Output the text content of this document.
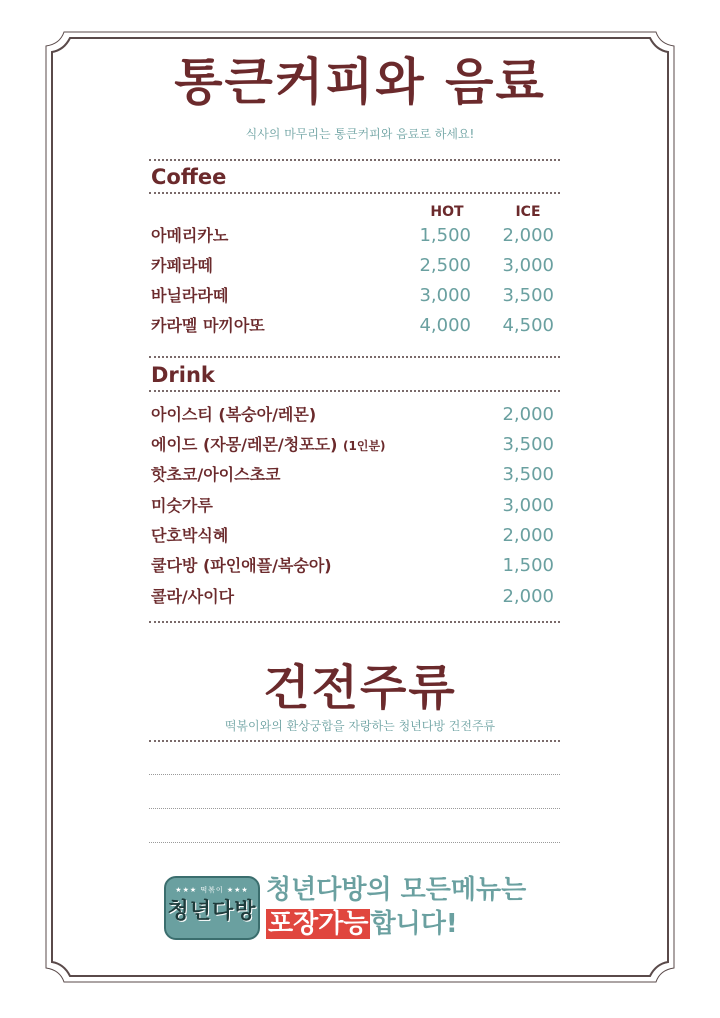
통큰커피와 음료
식사의 마무리는 통큰커피와 음료로 하세요!
Coffee
HOT	ICE
아메리카노	1,500	2,000
카페라떼	2,500	3,000
바닐라라떼	3,000	3,500
카라멜 마끼아또	4,000	4,500
Drink
아이스티 (복숭아/레몬)	2,000
에이드 (자몽/레몬/청포도) (1인분)	3,500
핫초코/아이스초코	3,500
미숫가루	3,000
단호박식혜	2,000
쿨다방 (파인애플/복숭아)	1,500
콜라/사이다	2,000
건전주류
떡볶이와의 환상궁합을 자랑하는 청년다방 건전주류
★★★ 떡볶이 ★★★
청년다방
청년다방의 모든메뉴는
포장가능합니다!
